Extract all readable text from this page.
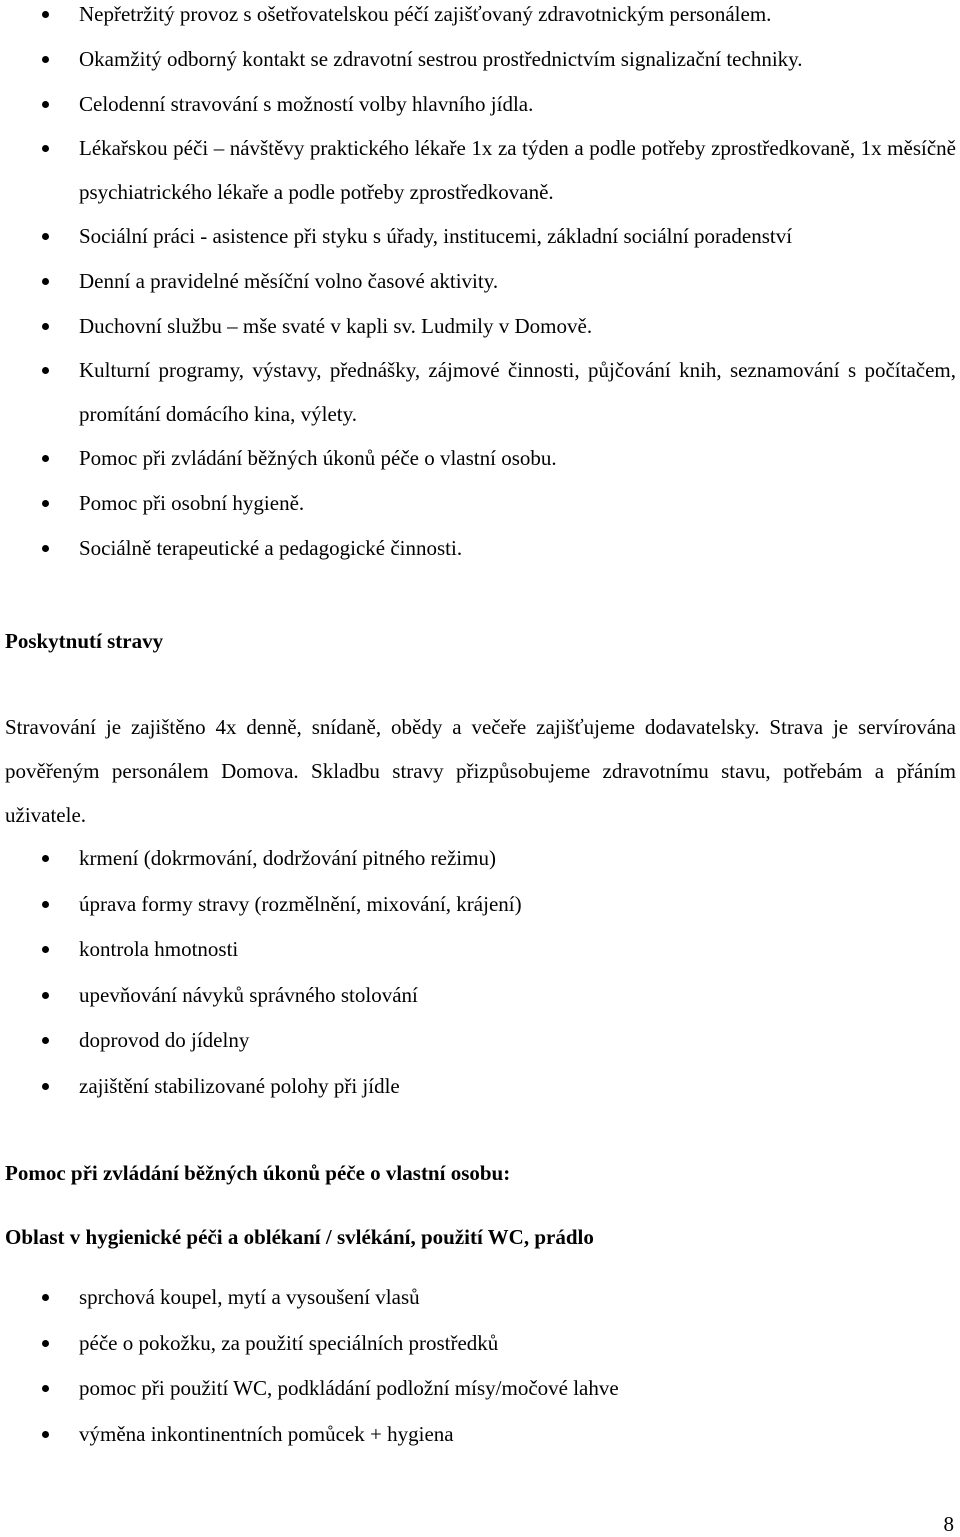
Nepřetržitý provoz s ošetřovatelskou péčí zajišťovaný zdravotnickým personálem.
Okamžitý odborný kontakt se zdravotní sestrou prostřednictvím signalizační techniky.
Celodenní stravování s možností volby hlavního jídla.
Lékařskou péči – návštěvy praktického lékaře 1x za týden a podle potřeby zprostředkovaně, 1x měsíčně psychiatrického lékaře a podle potřeby zprostředkovaně.
Sociální práci - asistence při styku s úřady, institucemi, základní sociální poradenství
Denní a pravidelné měsíční volno časové aktivity.
Duchovní službu – mše svaté v kapli sv. Ludmily v Domově.
Kulturní programy, výstavy, přednášky, zájmové činnosti, půjčování knih, seznamování s počítačem, promítání domácího kina, výlety.
Pomoc při zvládání běžných úkonů péče o vlastní osobu.
Pomoc při osobní hygieně.
Sociálně terapeutické a pedagogické činnosti.
Poskytnutí stravy
Stravování je zajištěno 4x denně, snídaně, obědy a večeře zajišťujeme dodavatelsky. Strava je servírována pověřeným personálem Domova. Skladbu stravy přizpůsobujeme zdravotnímu stavu, potřebám a přáním uživatele.
krmení (dokrmování, dodržování pitného režimu)
úprava formy stravy (rozmělnění, mixování, krájení)
kontrola hmotnosti
upevňování návyků správného stolování
doprovod do jídelny
zajištění stabilizované polohy při jídle
Pomoc při zvládání běžných úkonů péče o vlastní osobu:
Oblast v hygienické péči a oblékaní / svlékání, použití WC, prádlo
sprchová koupel, mytí a vysoušení vlasů
péče o pokožku, za použití speciálních prostředků
pomoc při použití WC, podkládání podložní mísy/močové lahve
výměna inkontinentních pomůcek + hygiena
8
